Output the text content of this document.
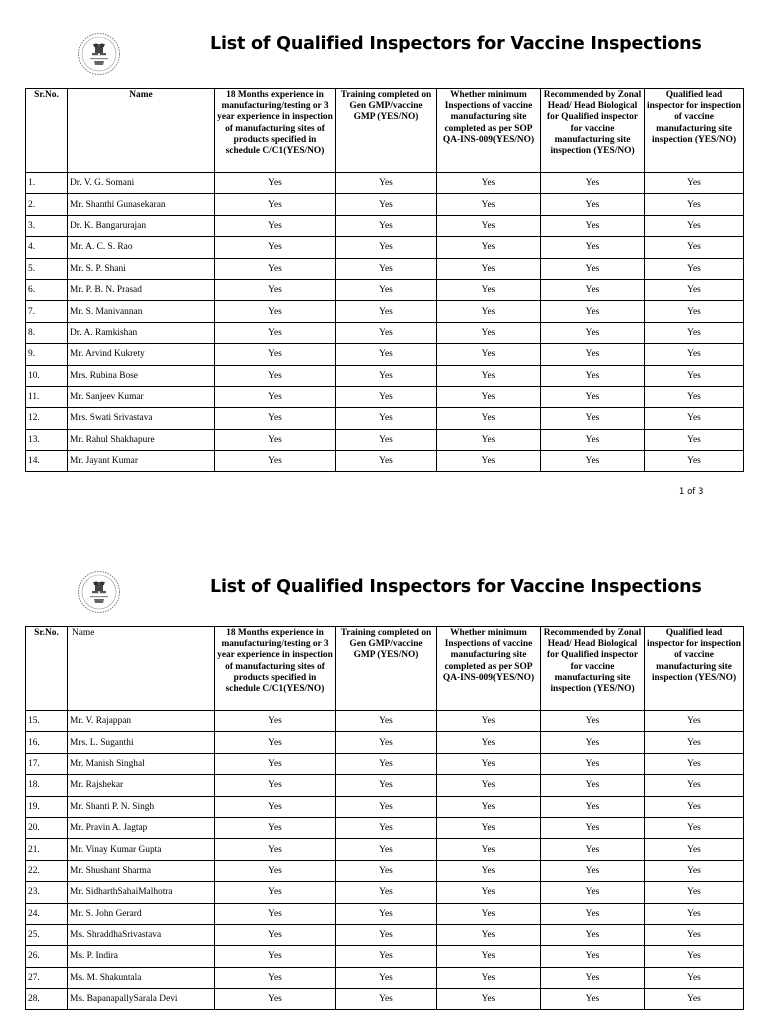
List of Qualified Inspectors for Vaccine Inspections
Sr.No.	Name	18 Months experience in manufacturing/testing or 3 year experience in inspection of manufacturing sites of products specified in schedule C/C1(YES/NO)	Training completed on Gen GMP/vaccine GMP (YES/NO)	Whether minimum Inspections of vaccine manufacturing site completed as per SOP QA-INS-009(YES/NO)	Recommended by Zonal Head/ Head Biological for Qualified inspector for vaccine manufacturing site inspection (YES/NO)	Qualified lead inspector for inspection of vaccine manufacturing site inspection (YES/NO)
1.	Dr. V. G. Somani	Yes	Yes	Yes	Yes	Yes
2.	Mr. Shanthi Gunasekaran	Yes	Yes	Yes	Yes	Yes
3.	Dr. K. Bangarurajan	Yes	Yes	Yes	Yes	Yes
4.	Mr. A. C. S. Rao	Yes	Yes	Yes	Yes	Yes
5.	Mr. S. P. Shani	Yes	Yes	Yes	Yes	Yes
6.	Mr. P. B. N. Prasad	Yes	Yes	Yes	Yes	Yes
7.	Mr. S. Manivannan	Yes	Yes	Yes	Yes	Yes
8.	Dr. A. Ramkishan	Yes	Yes	Yes	Yes	Yes
9.	Mr. Arvind Kukrety	Yes	Yes	Yes	Yes	Yes
10.	Mrs. Rubina Bose	Yes	Yes	Yes	Yes	Yes
11.	Mr. Sanjeev Kumar	Yes	Yes	Yes	Yes	Yes
12.	Mrs. Swati Srivastava	Yes	Yes	Yes	Yes	Yes
13.	Mr. Rahul Shakhapure	Yes	Yes	Yes	Yes	Yes
14.	Mr. Jayant Kumar	Yes	Yes	Yes	Yes	Yes
1 of 3
List of Qualified Inspectors for Vaccine Inspections
Sr.No.	Name	18 Months experience in manufacturing/testing or 3 year experience in inspection of manufacturing sites of products specified in schedule C/C1(YES/NO)	Training completed on Gen GMP/vaccine GMP (YES/NO)	Whether minimum Inspections of vaccine manufacturing site completed as per SOP QA-INS-009(YES/NO)	Recommended by Zonal Head/ Head Biological for Qualified inspector for vaccine manufacturing site inspection (YES/NO)	Qualified lead inspector for inspection of vaccine manufacturing site inspection (YES/NO)
15.	Mr. V. Rajappan	Yes	Yes	Yes	Yes	Yes
16.	Mrs. L. Suganthi	Yes	Yes	Yes	Yes	Yes
17.	Mr. Manish Singhal	Yes	Yes	Yes	Yes	Yes
18.	Mr. Rajshekar	Yes	Yes	Yes	Yes	Yes
19.	Mr. Shanti P. N. Singh	Yes	Yes	Yes	Yes	Yes
20.	Mr. Pravin A. Jagtap	Yes	Yes	Yes	Yes	Yes
21.	Mr. Vinay Kumar Gupta	Yes	Yes	Yes	Yes	Yes
22.	Mr. Shushant Sharma	Yes	Yes	Yes	Yes	Yes
23.	Mr. SidharthSahaiMalhotra	Yes	Yes	Yes	Yes	Yes
24.	Mr. S. John Gerard	Yes	Yes	Yes	Yes	Yes
25.	Ms. ShraddhaSrivastava	Yes	Yes	Yes	Yes	Yes
26.	Ms. P. Indira	Yes	Yes	Yes	Yes	Yes
27.	Ms. M. Shakuntala	Yes	Yes	Yes	Yes	Yes
28.	Ms. BapanapallySarala Devi	Yes	Yes	Yes	Yes	Yes
